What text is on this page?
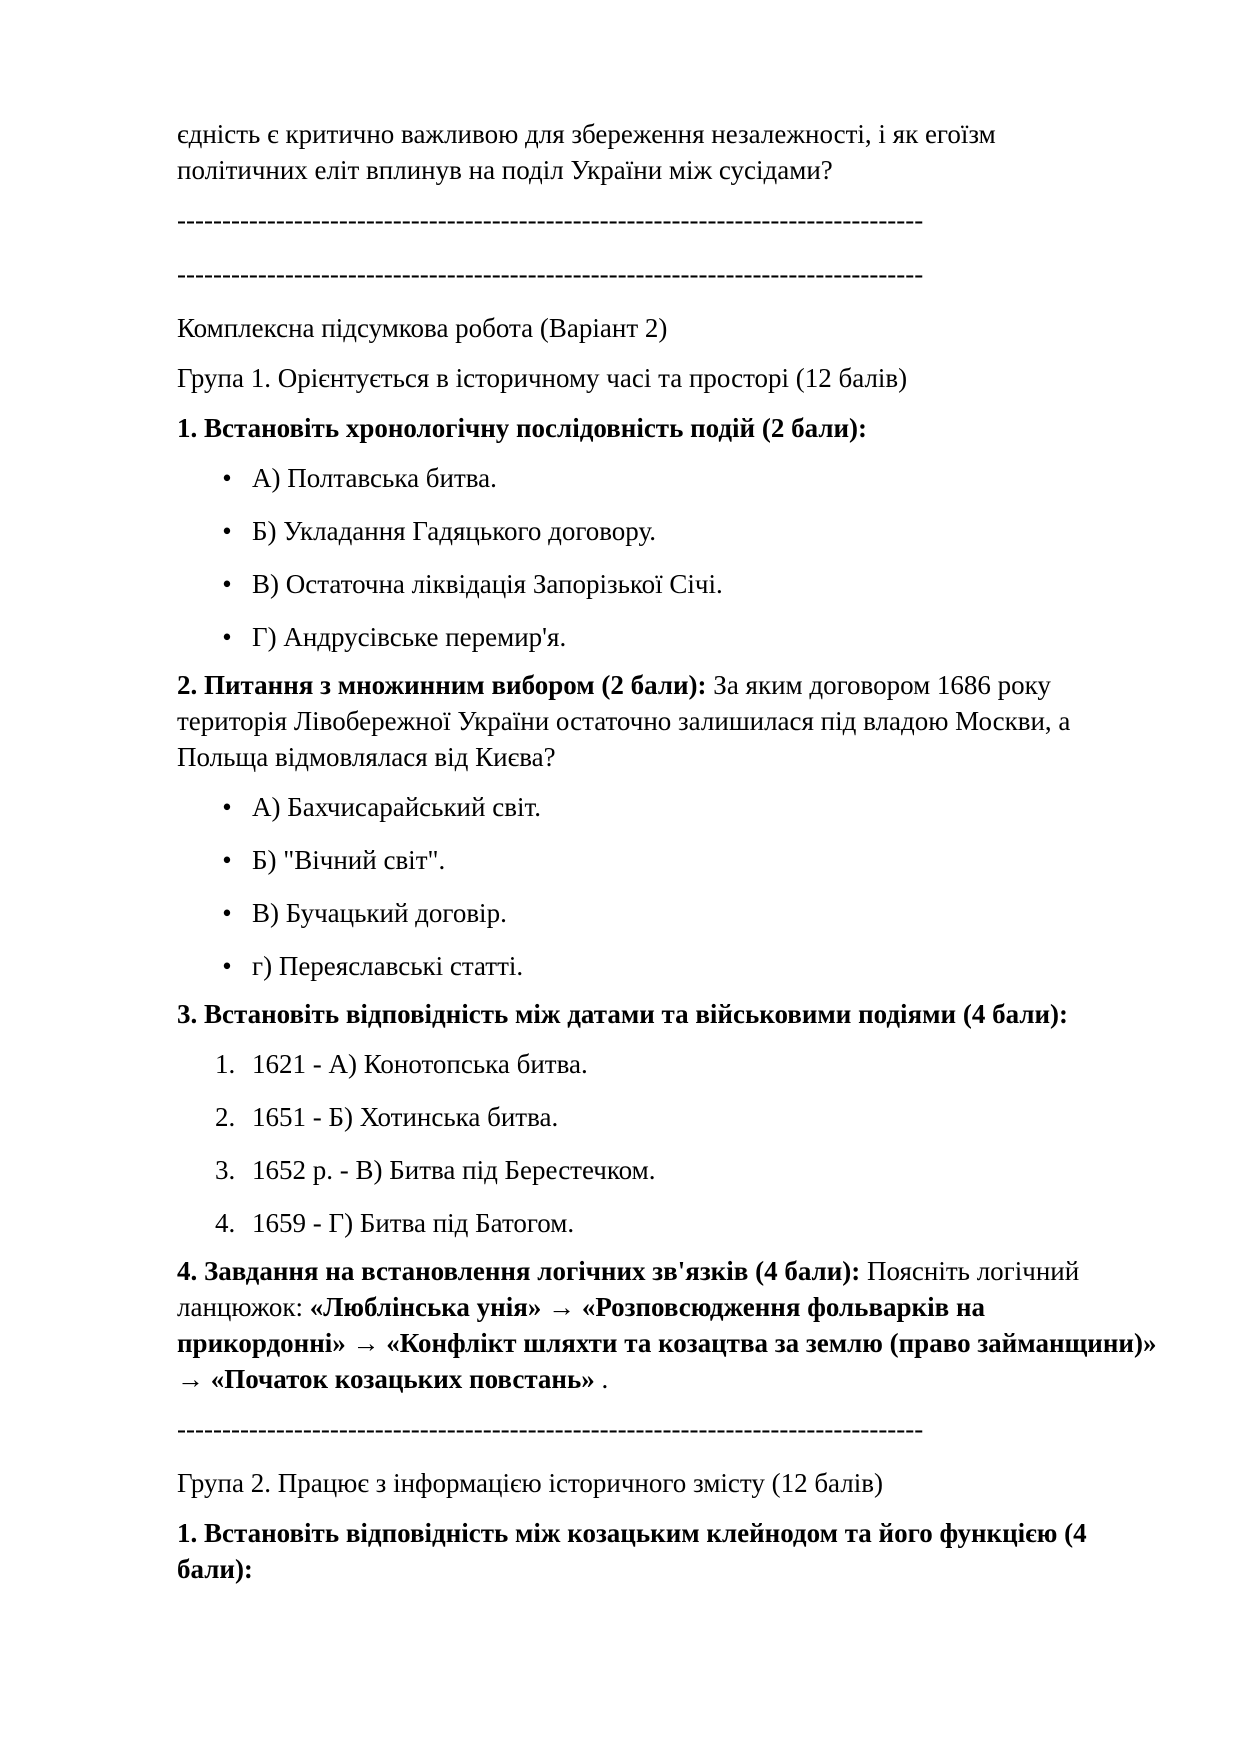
єдність є критично важливою для збереження незалежності, і як егоїзм
політичних еліт вплинув на поділ України між сусідами?

-----------------------------------------------------------------------------------

-----------------------------------------------------------------------------------

Комплексна підсумкова робота (Варіант 2)

Група 1. Орієнтується в історичному часі та просторі (12 балів)

1. Встановіть хронологічну послідовність подій (2 бали):

• А) Полтавська битва.
• Б) Укладання Гадяцького договору.
• В) Остаточна ліквідація Запорізької Січі.
• Г) Андрусівське перемир'я.

2. Питання з множинним вибором (2 бали): За яким договором 1686 року територія Лівобережної України остаточно залишилася під владою Москви, а Польща відмовлялася від Києва?

• А) Бахчисарайський світ.
• Б) "Вічний світ".
• В) Бучацький договір.
• г) Переяславські статті.

3. Встановіть відповідність між датами та військовими подіями (4 бали):

1. 1621 - А) Конотопська битва.
2. 1651 - Б) Хотинська битва.
3. 1652 р. - В) Битва під Берестечком.
4. 1659 - Г) Битва під Батогом.

4. Завдання на встановлення логічних зв'язків (4 бали): Поясніть логічний ланцюжок: «Люблінська унія» → «Розповсюдження фольварків на прикордонні» → «Конфлікт шляхти та козацтва за землю (право займанщини)» → «Початок козацьких повстань» .

-----------------------------------------------------------------------------------

Група 2. Працює з інформацією історичного змісту (12 балів)

1. Встановіть відповідність між козацьким клейнодом та його функцією (4 бали):
